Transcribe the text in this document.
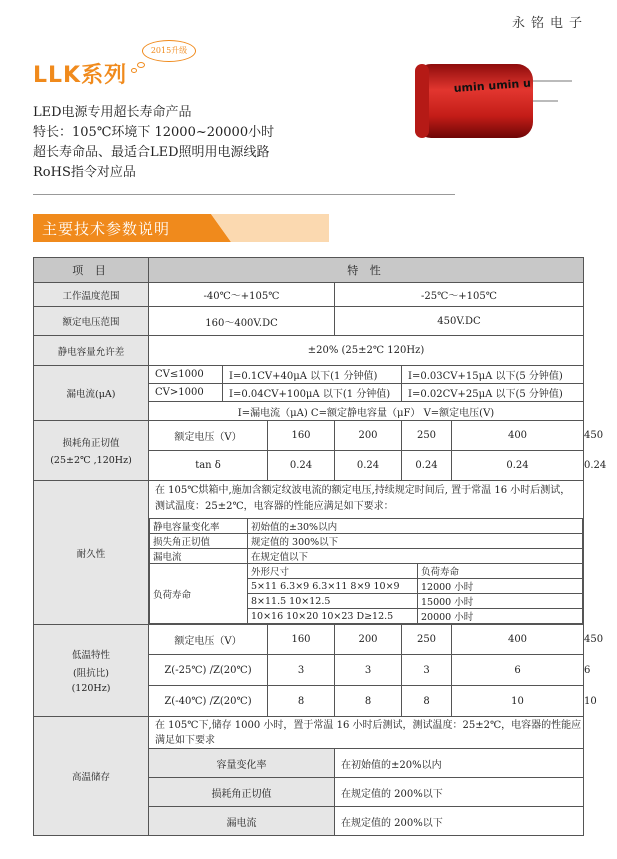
永铭电子
LLK系列
2015升级
umin umin u
LED电源专用超长寿命产品
特长：105℃环境下 12000~20000小时
超长寿命品、最适合LED照明用电源线路
RoHS指令对应品
主要技术参数说明
项 目	特 性
工作温度范围	-40℃～+105℃	-25℃～+105℃
额定电压范围	160～400V.DC	450V.DC
静电容量允许差	±20% (25±2℃ 120Hz)
漏电流(μA)	CV≤1000	I=0.1CV+40μA 以下(1 分钟值)	I=0.03CV+15μA 以下(5 分钟值)
CV>1000	I=0.04CV+100μA 以下(1 分钟值)	I=0.02CV+25μA 以下(5 分钟值)
I=漏电流（μA) C=额定静电容量（μF） V=额定电压(V)

损耗角正切值
(25±2℃ ,120Hz)
	额定电压（V）	160	200	250	400	450
tan δ	0.24	0.24	0.24	0.24	0.24
耐久性	
在 105℃烘箱中,施加含额定纹波电流的额定电压,持续规定时间后, 置于常温 16 小时后测试，测试温度：25±2℃，电容器的性能应满足如下要求：
静电容量变化率	初始值的±30%以内
损失角正切值	规定值的 300%以下
漏电流	在规定值以下
负荷寿命	外形尺寸	负荷寿命
5×11 6.3×9 6.3×11 8×9 10×9	12000 小时
8×11.5 10×12.5	15000 小时
10×16 10×20 10×23 D≥12.5	20000 小时

低温特性
(阻抗比)
(120Hz)
	额定电压（V）	160	200	250	400	450
Z(-25℃) /Z(20℃)	3	3	3	6	6
Z(-40℃) /Z(20℃)	8	8	8	10	10
高温储存	在 105℃下,储存 1000 小时，置于常温 16 小时后测试，测试温度：25±2℃，电容器的性能应满足如下要求
容量变化率	在初始值的±20%以内
损耗角正切值	在规定值的 200%以下
漏电流	在规定值的 200%以下
